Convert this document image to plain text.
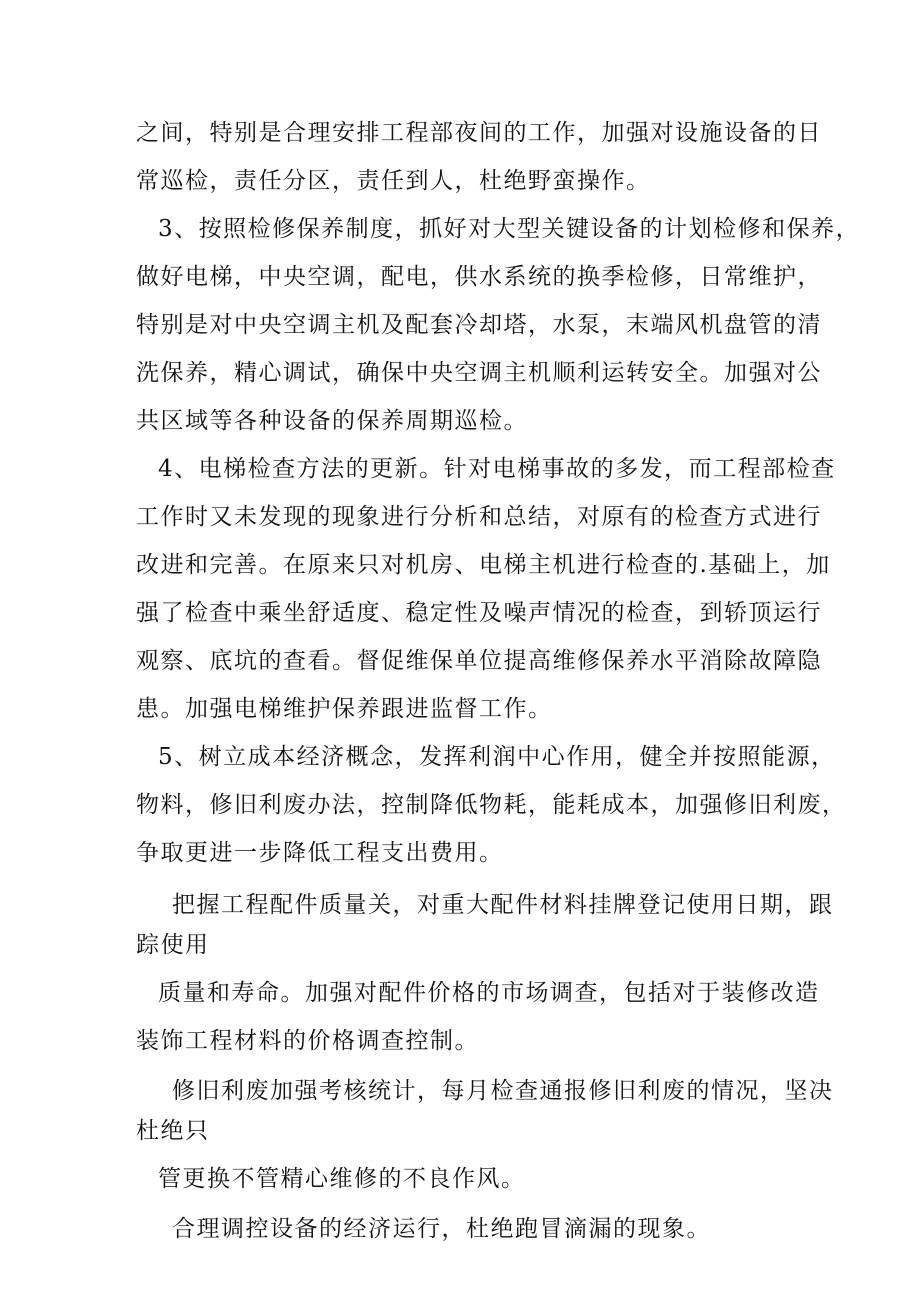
之间，特别是合理安排工程部夜间的工作，加强对设施设备的日
常巡检，责任分区，责任到人，杜绝野蛮操作。
3、按照检修保养制度，抓好对大型关键设备的计划检修和保养，
做好电梯，中央空调，配电，供水系统的换季检修，日常维护，
特别是对中央空调主机及配套冷却塔，水泵，末端风机盘管的清
洗保养，精心调试，确保中央空调主机顺利运转安全。加强对公
共区域等各种设备的保养周期巡检。
4、电梯检查方法的更新。针对电梯事故的多发，而工程部检查
工作时又未发现的现象进行分析和总结，对原有的检查方式进行
改进和完善。在原来只对机房、电梯主机进行检查的.基础上，加
强了检查中乘坐舒适度、稳定性及噪声情况的检查，到轿顶运行
观察、底坑的查看。督促维保单位提高维修保养水平消除故障隐
患。加强电梯维护保养跟进监督工作。
5、树立成本经济概念，发挥利润中心作用，健全并按照能源，
物料，修旧利废办法，控制降低物耗，能耗成本，加强修旧利废，
争取更进一步降低工程支出费用。
把握工程配件质量关，对重大配件材料挂牌登记使用日期，跟
踪使用
质量和寿命。加强对配件价格的市场调查，包括对于装修改造
装饰工程材料的价格调查控制。
修旧利废加强考核统计，每月检查通报修旧利废的情况，坚决
杜绝只
管更换不管精心维修的不良作风。
合理调控设备的经济运行，杜绝跑冒滴漏的现象。
